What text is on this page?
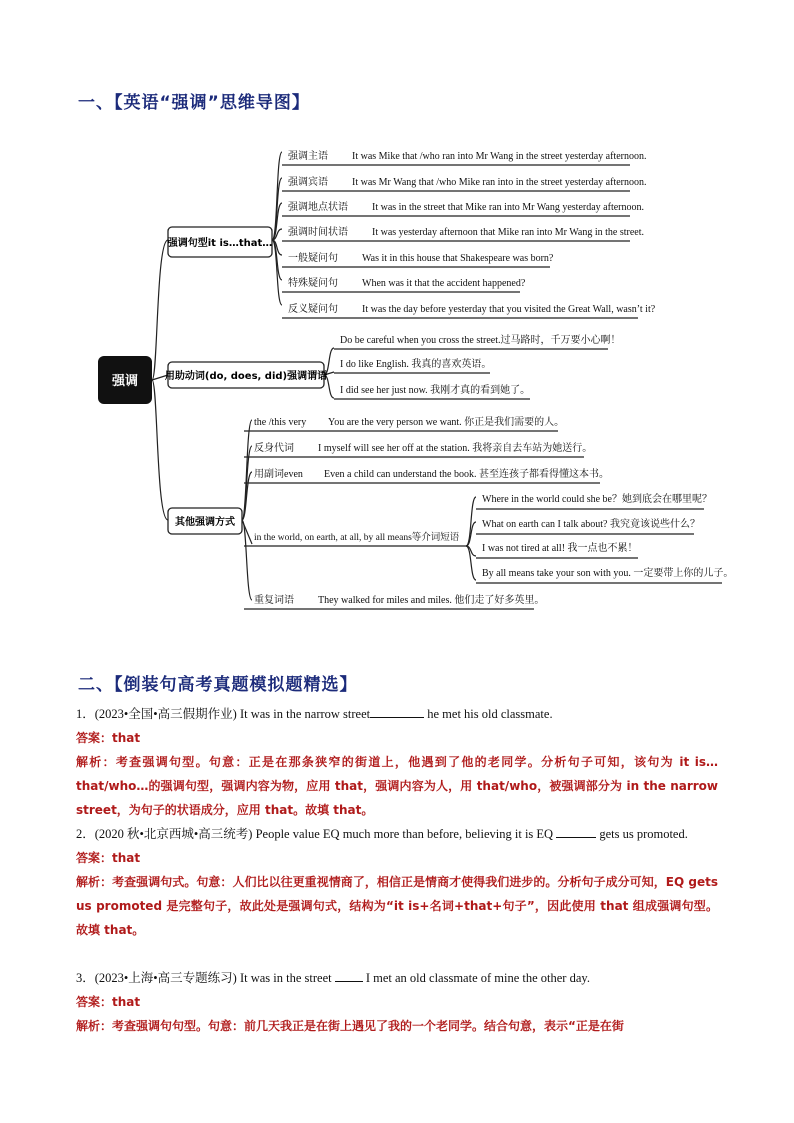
一、【英语“强调”思维导图】
强调
强调句型it is…that…
用助动词(do, does, did)强调谓语
其他强调方式
强调主语 It was Mike that /who ran into Mr Wang in the street yesterday afternoon.
强调宾语 It was Mr Wang that /who Mike ran into in the street yesterday afternoon.
强调地点状语 It was in the street that Mike ran into Mr Wang yesterday afternoon.
强调时间状语 It was yesterday afternoon that Mike ran into Mr Wang in the street.
一般疑问句 Was it in this house that Shakespeare was born?
特殊疑问句 When was it that the accident happened?
反义疑问句 It was the day before yesterday that you visited the Great Wall, wasn’t it?
Do be careful when you cross the street.过马路时，千万要小心啊！
I do like English. 我真的喜欢英语。
I did see her just now. 我刚才真的看到她了。
the /this very You are the very person we want. 你正是我们需要的人。
反身代词 I myself will see her off at the station. 我将亲自去车站为她送行。
用副词even Even a child can understand the book. 甚至连孩子都看得懂这本书。
in the world, on earth, at all, by all means等介词短语
Where in the world could she be？她到底会在哪里呢？
What on earth can I talk about? 我究竟该说些什么？
I was not tired at all! 我一点也不累！
By all means take your son with you. 一定要带上你的儿子。
重复词语 They walked for miles and miles. 他们走了好多英里。
二、【倒装句高考真题模拟题精选】
1．(2023•全国•高三假期作业) It was in the narrow street	he met his old classmate.
答案：that
解析：考查强调句型。句意：正是在那条狭窄的街道上，他遇到了他的老同学。分析句子可知，该句为 it is…that/who…的强调句型，强调内容为物，应用 that，强调内容为人，用 that/who，被强调部分为 in the narrow street，为句子的状语成分，应用 that。故填 that。
2．(2020 秋•北京西城•高三统考) People value EQ much more than before, believing it is EQ	gets us promoted.
答案：that
解析：考查强调句式。句意：人们比以往更重视情商了，相信正是情商才使得我们进步的。分析句子成分可知，EQ gets us promoted 是完整句子，故此处是强调句式，结构为“it is+名词+that+句子”，因此使用 that 组成强调句型。故填 that。
3．(2023•上海•高三专题练习) It was in the street  I met an old classmate of mine the other day.
答案：that
解析：考查强调句句型。句意：前几天我正是在街上遇见了我的一个老同学。结合句意，表示“正是在街
